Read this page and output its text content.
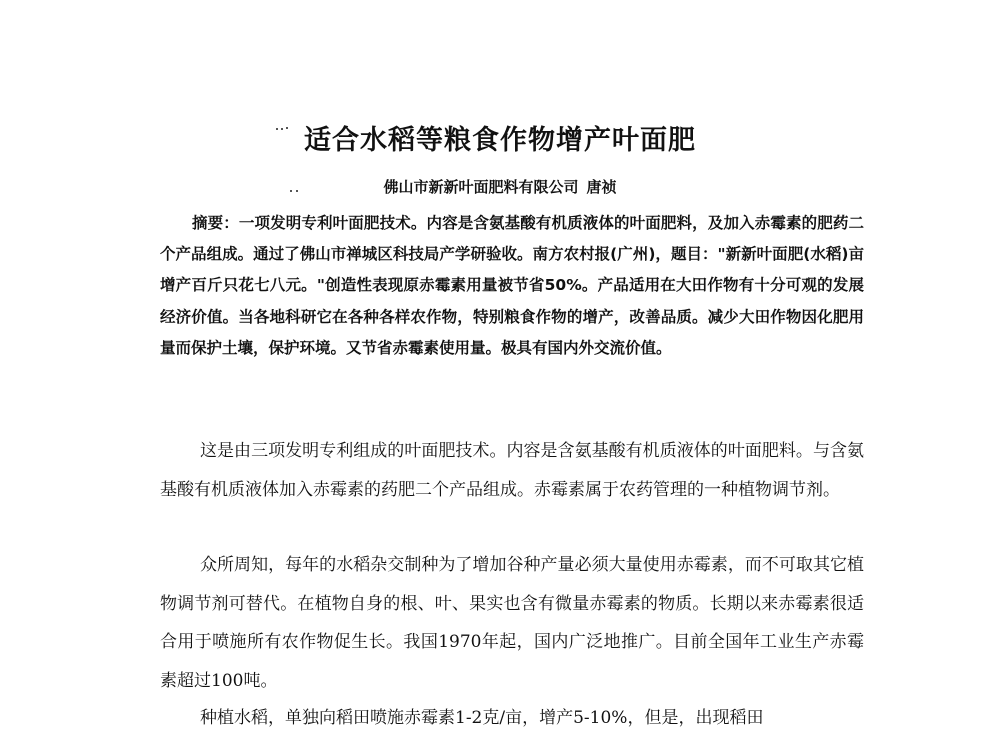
适合水稻等粮食作物增产叶面肥
佛山市新新叶面肥料有限公司 唐祯
摘要：一项发明专利叶面肥技术。内容是含氨基酸有机质液体的叶面肥料，及加入赤霉素的肥药二个产品组成。通过了佛山市禅城区科技局产学研验收。南方农村报(广州)，题目："新新叶面肥(水稻)亩增产百斤只花七八元。"创造性表现原赤霉素用量被节省50%。产品适用在大田作物有十分可观的发展经济价值。当各地科研它在各种各样农作物，特别粮食作物的增产，改善品质。减少大田作物因化肥用量而保护土壤，保护环境。又节省赤霉素使用量。极具有国内外交流价值。
这是由三项发明专利组成的叶面肥技术。内容是含氨基酸有机质液体的叶面肥料。与含氨基酸有机质液体加入赤霉素的药肥二个产品组成。赤霉素属于农药管理的一种植物调节剂。
众所周知，每年的水稻杂交制种为了增加谷种产量必须大量使用赤霉素，而不可取其它植物调节剂可替代。在植物自身的根、叶、果实也含有微量赤霉素的物质。长期以来赤霉素很适合用于喷施所有农作物促生长。我国1970年起，国内广泛地推广。目前全国年工业生产赤霉素超过100吨。
种植水稻，单独向稻田喷施赤霉素1-2克/亩，增产5-10%，但是，出现稻田
